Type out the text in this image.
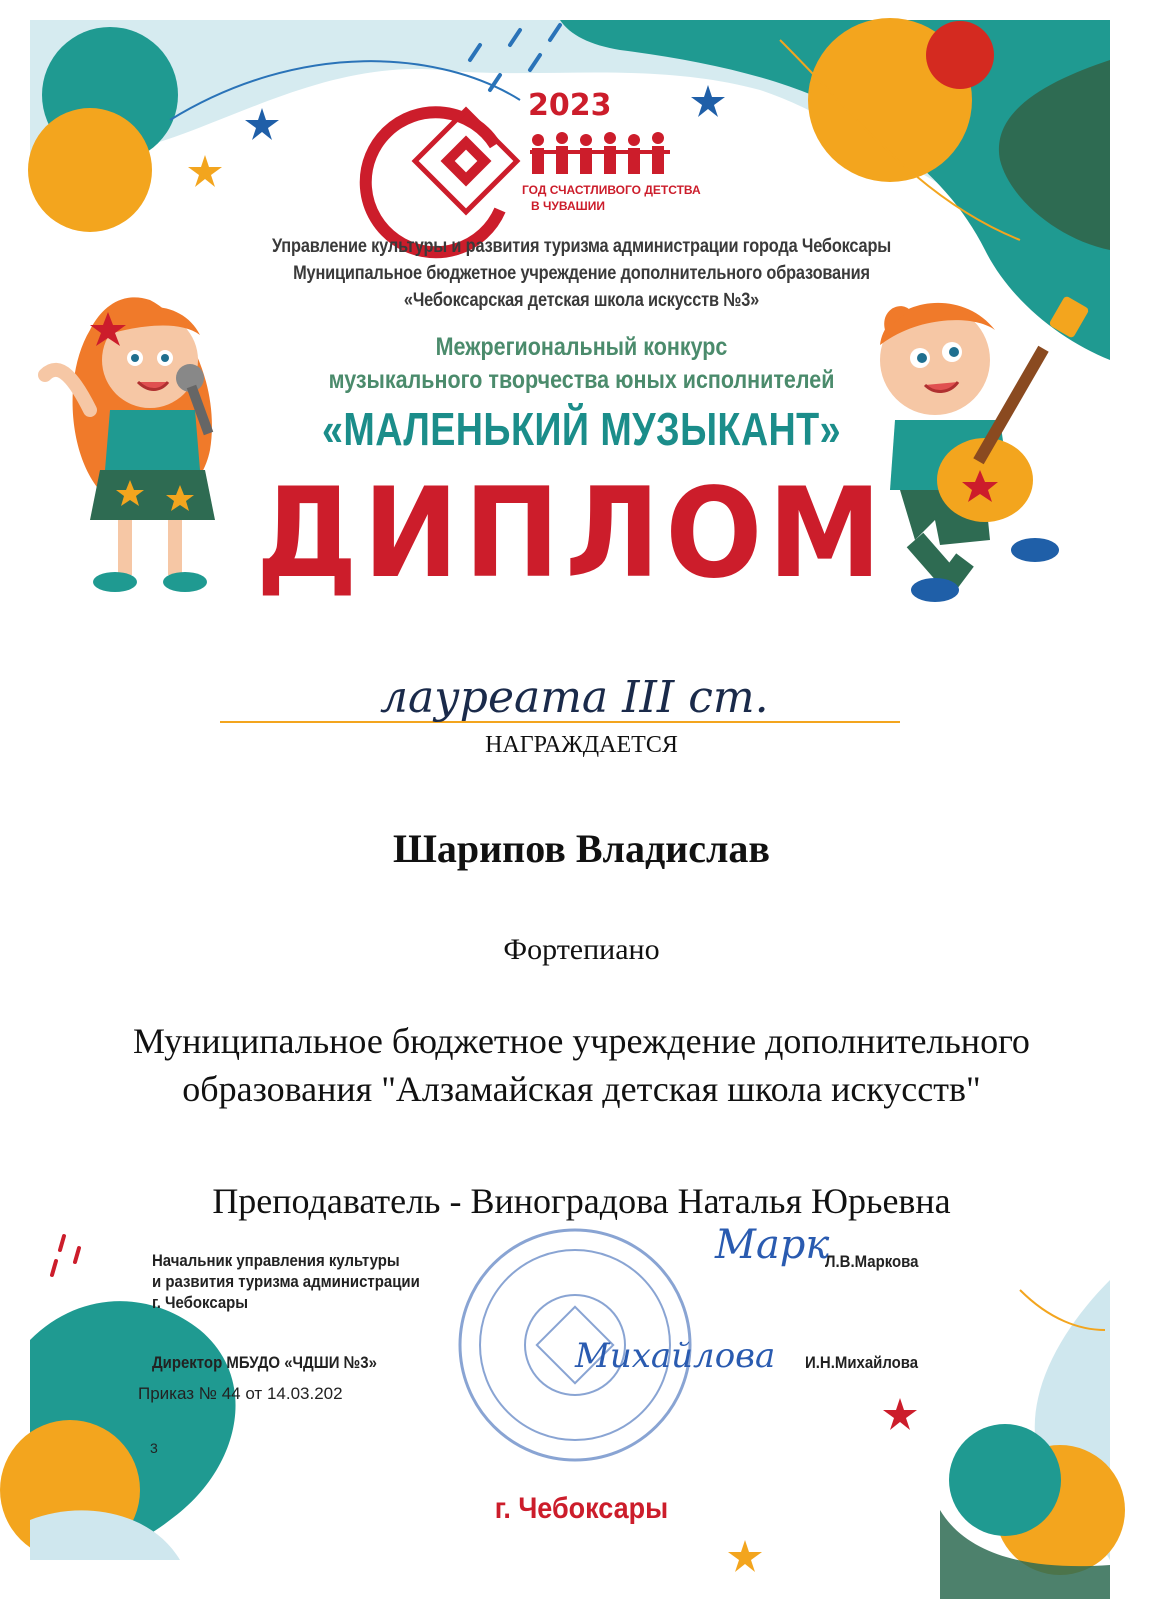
2023
ГОД СЧАСТЛИВОГО ДЕТСТВА
В ЧУВАШИИ
Управление культуры и развития туризма администрации города Чебоксары
Муниципальное бюджетное учреждение дополнительного образования
«Чебоксарская детская школа искусств №3»
Межрегиональный конкурс
музыкального творчества юных исполнителей
«МАЛЕНЬКИЙ МУЗЫКАНТ»
ДИПЛОМ
лауреата III ст.
НАГРАЖДАЕТСЯ
Шарипов Владислав
Фортепиано
Муниципальное бюджетное учреждение дополнительного
образования "Алзамайская детская школа искусств"
Преподаватель - Виноградова Наталья Юрьевна
Начальник управления культуры
и развития туризма администрации
г. Чебоксары
Марк
Л.В.Маркова
Директор МБУДО «ЧДШИ №3»	Михайлова И.Н.Михайлова
Приказ № 44 от 14.03.202
3
г. Чебоксары
